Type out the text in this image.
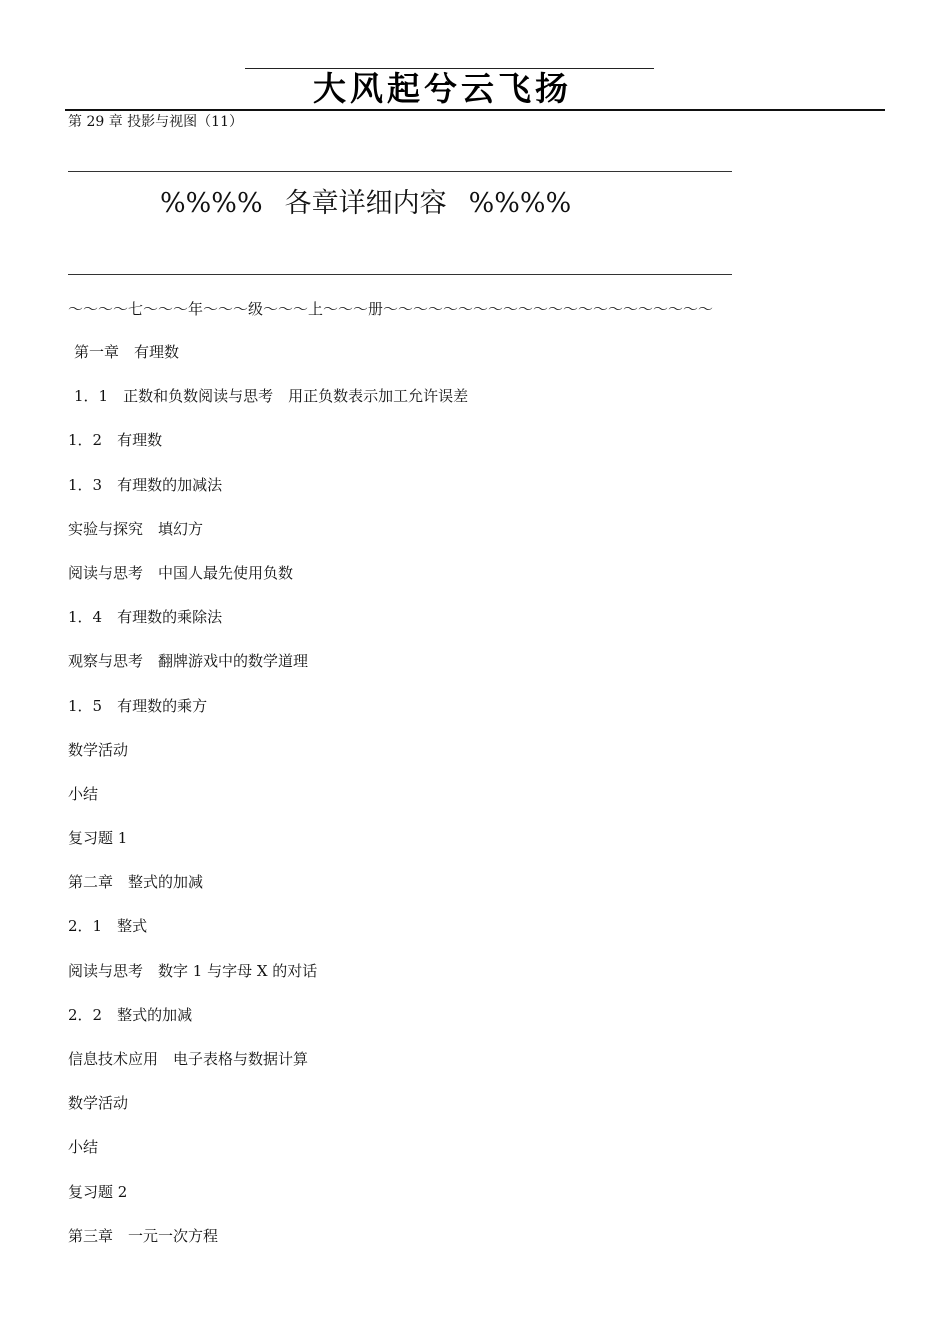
大风起兮云飞扬
第 29 章 投影与视图（11）
%%%% 各章详细内容 %%%%
～～～～七～～～年～～～级～～～上～～～册～～～～～～～～～～～～～～～～～～～～～～
第一章　有理数
1．1　正数和负数阅读与思考　用正负数表示加工允许误差
1．2　有理数
1．3　有理数的加减法
实验与探究　填幻方
阅读与思考　中国人最先使用负数
1．4　有理数的乘除法
观察与思考　翻牌游戏中的数学道理
1．5　有理数的乘方
数学活动
小结
复习题 1
第二章　整式的加减
2．1　整式
阅读与思考　数字 1 与字母 X 的对话
2．2　整式的加减
信息技术应用　电子表格与数据计算
数学活动
小结
复习题 2
第三章　一元一次方程
